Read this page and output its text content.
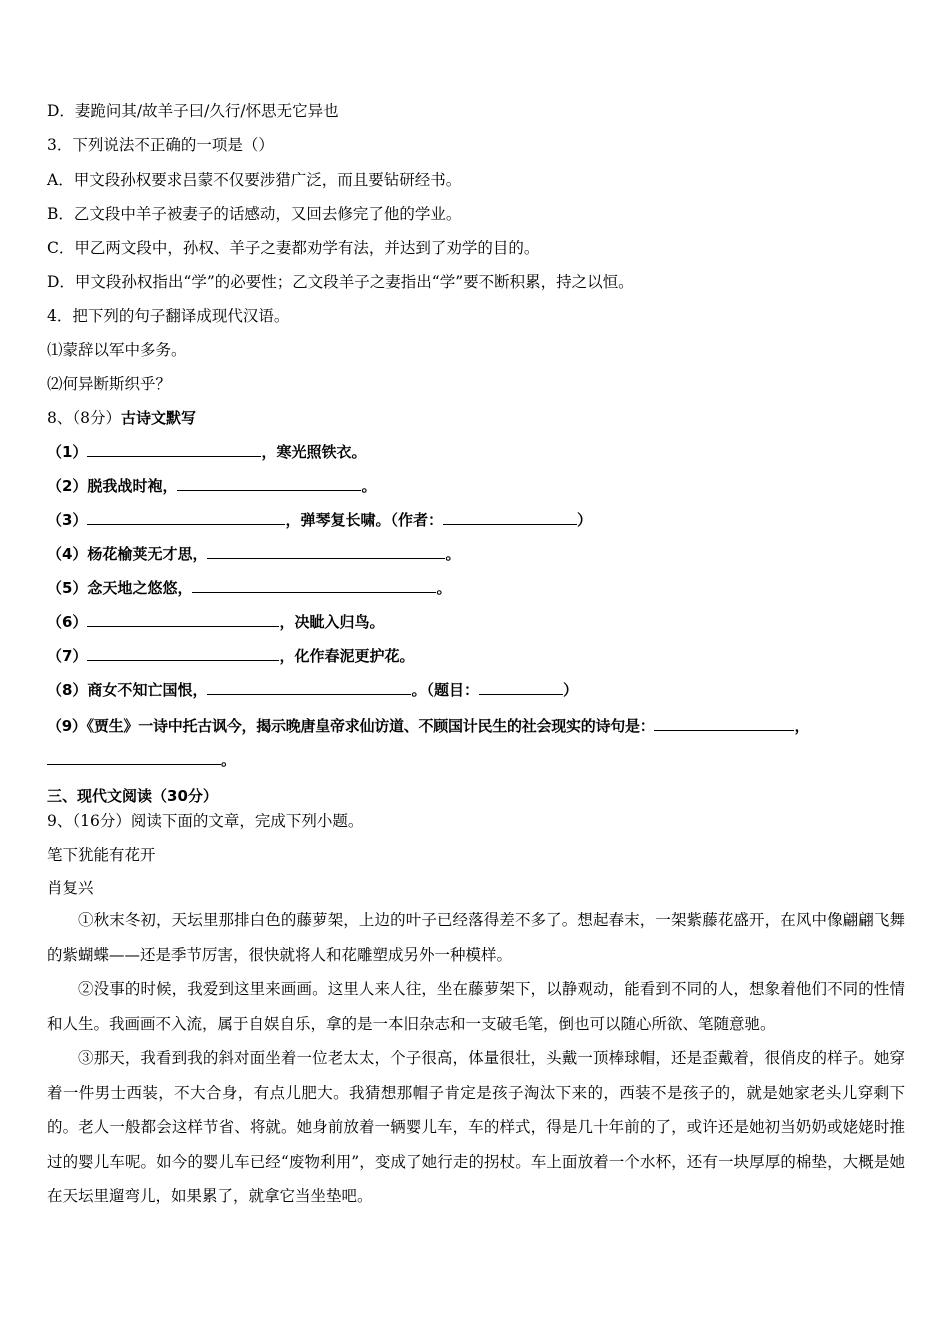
D．妻跪问其/故羊子曰/久行/怀思无它异也
3．下列说法不正确的一项是（）
A．甲文段孙权要求吕蒙不仅要涉猎广泛，而且要钻研经书。
B．乙文段中羊子被妻子的话感动，又回去修完了他的学业。
C．甲乙两文段中，孙权、羊子之妻都劝学有法，并达到了劝学的目的。
D．甲文段孙权指出“学”的必要性；乙文段羊子之妻指出“学”要不断积累，持之以恒。
4．把下列的句子翻译成现代汉语。
⑴蒙辞以军中多务。
⑵何异断斯织乎？
8、（8分）古诗文默写
（1）	，寒光照铁衣。
（2）脱我战时袍，	。
（3）	，弹琴复长啸。（作者：	）
（4）杨花榆荚无才思，	。
（5）念天地之悠悠，	。
（6）	，决眦入归鸟。
（7）	，化作春泥更护花。
（8）商女不知亡国恨，	。（题目：	）
（9）《贾生》一诗中托古讽今，揭示晚唐皇帝求仙访道、不顾国计民生的社会现实的诗句是：	，
。
三、现代文阅读（30分）
9、（16分）阅读下面的文章，完成下列小题。
笔下犹能有花开
肖复兴
①秋末冬初，天坛里那排白色的藤萝架，上边的叶子已经落得差不多了。想起春末，一架紫藤花盛开，在风中像翩翩飞舞的紫蝴蝶——还是季节厉害，很快就将人和花雕塑成另外一种模样。
②没事的时候，我爱到这里来画画。这里人来人往，坐在藤萝架下，以静观动，能看到不同的人，想象着他们不同的性情和人生。我画画不入流，属于自娱自乐，拿的是一本旧杂志和一支破毛笔，倒也可以随心所欲、笔随意驰。
③那天，我看到我的斜对面坐着一位老太太，个子很高，体量很壮，头戴一顶棒球帽，还是歪戴着，很俏皮的样子。她穿着一件男士西装，不大合身，有点儿肥大。我猜想那帽子肯定是孩子淘汰下来的，西装不是孩子的，就是她家老头儿穿剩下的。老人一般都会这样节省、将就。她身前放着一辆婴儿车，车的样式，得是几十年前的了，或许还是她初当奶奶或姥姥时推过的婴儿车呢。如今的婴儿车已经“废物利用”，变成了她行走的拐杖。车上面放着一个水杯，还有一块厚厚的棉垫，大概是她在天坛里遛弯儿，如果累了，就拿它当坐垫吧。
